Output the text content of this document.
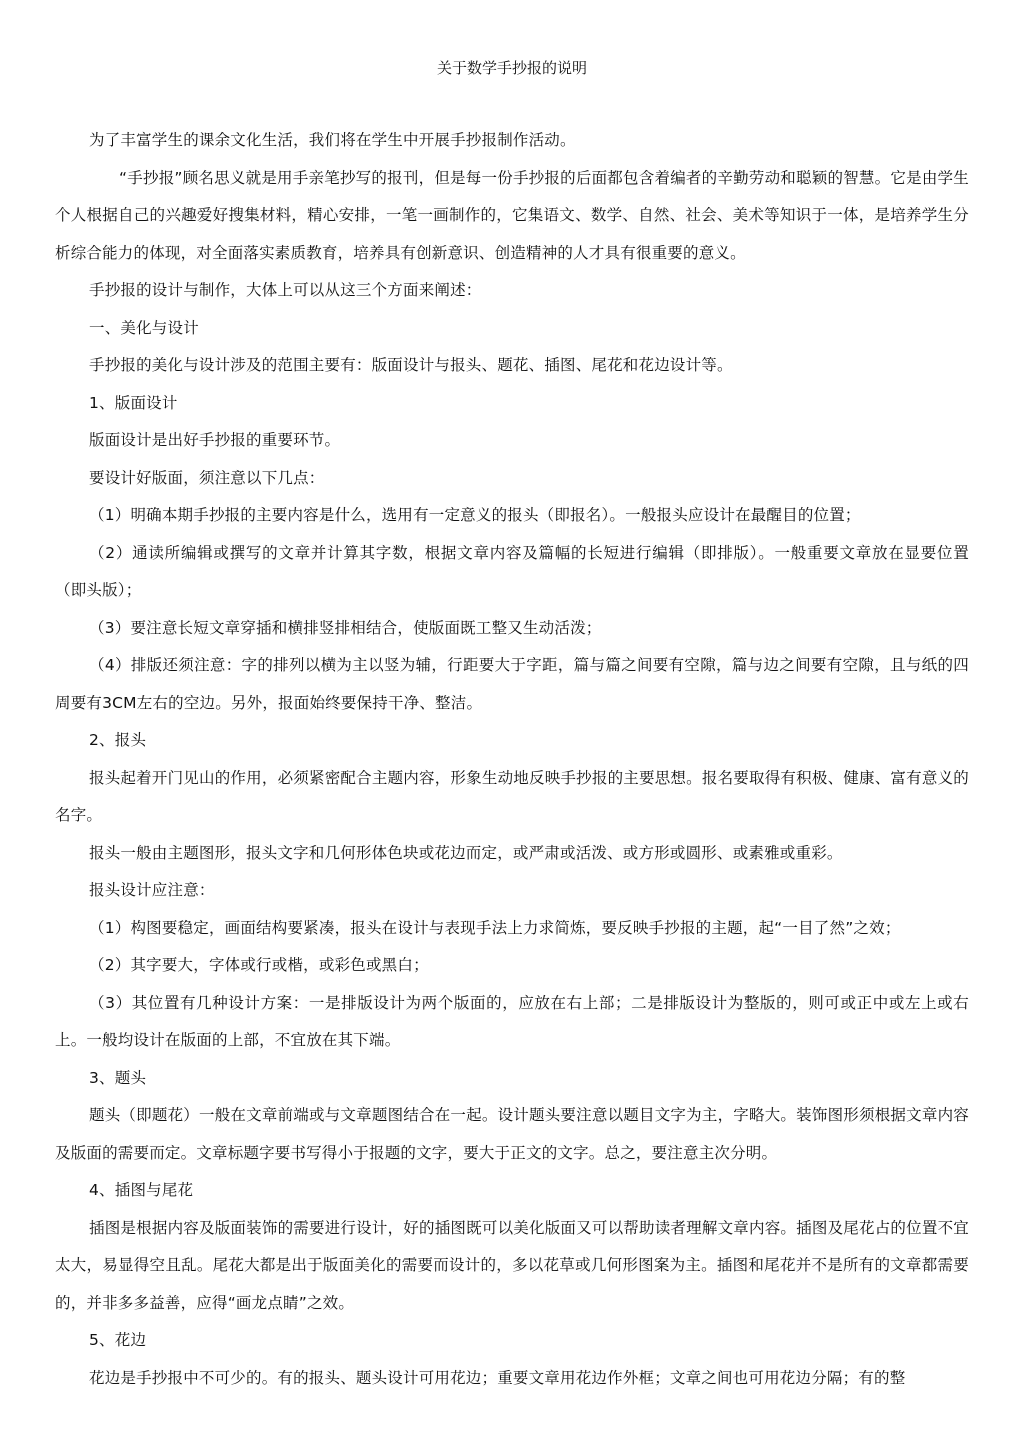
关于数学手抄报的说明

为了丰富学生的课余文化生活，我们将在学生中开展手抄报制作活动。

“手抄报”顾名思义就是用手亲笔抄写的报刊，但是每一份手抄报的后面都包含着编者的辛勤劳动和聪颖的智慧。它是由学生个人根据自己的兴趣爱好搜集材料，精心安排，一笔一画制作的，它集语文、数学、自然、社会、美术等知识于一体，是培养学生分析综合能力的体现，对全面落实素质教育，培养具有创新意识、创造精神的人才具有很重要的意义。

手抄报的设计与制作，大体上可以从这三个方面来阐述：

一、美化与设计

手抄报的美化与设计涉及的范围主要有：版面设计与报头、题花、插图、尾花和花边设计等。

1、版面设计

版面设计是出好手抄报的重要环节。

要设计好版面，须注意以下几点：

（1）明确本期手抄报的主要内容是什么，选用有一定意义的报头（即报名）。一般报头应设计在最醒目的位置；

（2）通读所编辑或撰写的文章并计算其字数，根据文章内容及篇幅的长短进行编辑（即排版）。一般重要文章放在显要位置（即头版）；

（3）要注意长短文章穿插和横排竖排相结合，使版面既工整又生动活泼；

（4）排版还须注意：字的排列以横为主以竖为辅，行距要大于字距，篇与篇之间要有空隙，篇与边之间要有空隙，且与纸的四周要有3CM左右的空边。另外，报面始终要保持干净、整洁。

2、报头

报头起着开门见山的作用，必须紧密配合主题内容，形象生动地反映手抄报的主要思想。报名要取得有积极、健康、富有意义的名字。

报头一般由主题图形，报头文字和几何形体色块或花边而定，或严肃或活泼、或方形或圆形、或素雅或重彩。

报头设计应注意：

（1）构图要稳定，画面结构要紧凑，报头在设计与表现手法上力求简炼，要反映手抄报的主题，起“一目了然”之效；

（2）其字要大，字体或行或楷，或彩色或黑白；

（3）其位置有几种设计方案：一是排版设计为两个版面的，应放在右上部；二是排版设计为整版的，则可或正中或左上或右上。一般均设计在版面的上部，不宜放在其下端。

3、题头

题头（即题花）一般在文章前端或与文章题图结合在一起。设计题头要注意以题目文字为主，字略大。装饰图形须根据文章内容及版面的需要而定。文章标题字要书写得小于报题的文字，要大于正文的文字。总之，要注意主次分明。

4、插图与尾花

插图是根据内容及版面装饰的需要进行设计，好的插图既可以美化版面又可以帮助读者理解文章内容。插图及尾花占的位置不宜太大，易显得空且乱。尾花大都是出于版面美化的需要而设计的，多以花草或几何形图案为主。插图和尾花并不是所有的文章都需要的，并非多多益善，应得“画龙点睛”之效。

5、花边

花边是手抄报中不可少的。有的报头、题头设计可用花边；重要文章用花边作外框；文章之间也可用花边分隔；有的整
